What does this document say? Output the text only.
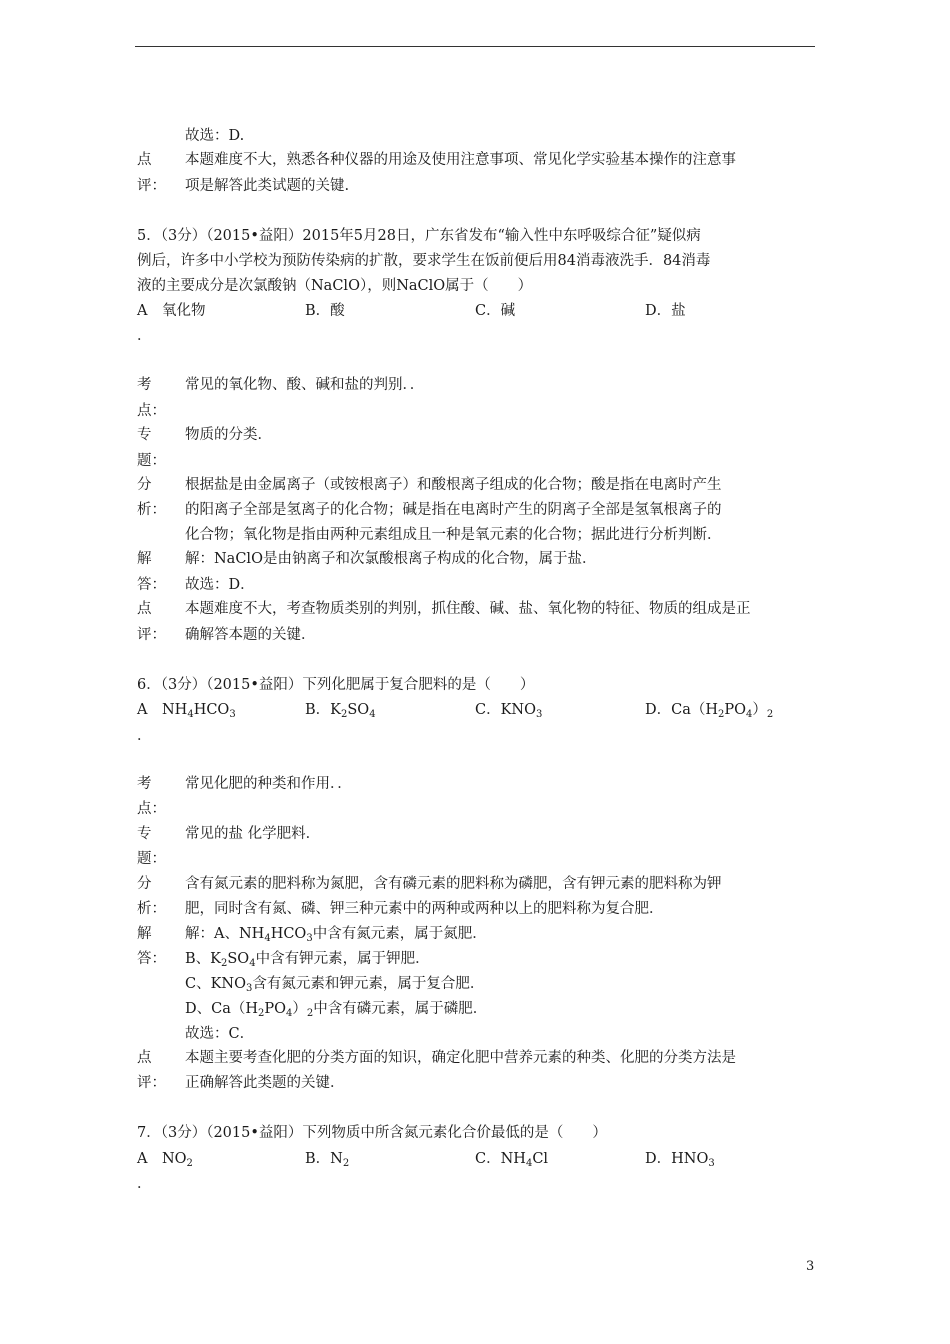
故选：D.
点
评：
本题难度不大，熟悉各种仪器的用途及使用注意事项、常见化学实验基本操作的注意事
项是解答此类试题的关键.
5．（3分）（2015•益阳）2015年5月28日，广东省发布“输入性中东呼吸综合征”疑似病
例后，许多中小学校为预防传染病的扩散，要求学生在饭前便后用84消毒液洗手．84消毒
液的主要成分是次氯酸钠（NaClO），则NaClO属于（　　）
A　氧化物	B．酸	C．碱	D．盐
．
考
点：
常见的氧化物、酸、碱和盐的判别．．
专
题：
物质的分类．
分
析：
根据盐是由金属离子（或铵根离子）和酸根离子组成的化合物；酸是指在电离时产生
的阳离子全部是氢离子的化合物；碱是指在电离时产生的阴离子全部是氢氧根离子的
化合物；氧化物是指由两种元素组成且一种是氧元素的化合物；据此进行分析判断．
解
答：
解：NaClO是由钠离子和次氯酸根离子构成的化合物，属于盐．
故选：D．
点
评：
本题难度不大，考查物质类别的判别，抓住酸、碱、盐、氧化物的特征、物质的组成是正
确解答本题的关键．
6．（3分）（2015•益阳）下列化肥属于复合肥料的是（　　）
A　$NH_4HCO_3$	B．$K_2SO_4$	C．$KNO_3$	D．$Ca(H_2PO_4)_2$
．
考
点：
常见化肥的种类和作用．．
专
题：
常见的盐 化学肥料．
分
析：
含有氮元素的肥料称为氮肥，含有磷元素的肥料称为磷肥，含有钾元素的肥料称为钾
肥，同时含有氮、磷、钾三种元素中的两种或两种以上的肥料称为复合肥．
解
答：
解：A、$NH_4HCO_3$中含有氮元素，属于氮肥．
B、$K_2SO_4$中含有钾元素，属于钾肥．
C、$KNO_3$含有氮元素和钾元素，属于复合肥．
D、$Ca(H_2PO_4)_2$中含有磷元素，属于磷肥．
故选：C．
点
评：
本题主要考查化肥的分类方面的知识，确定化肥中营养元素的种类、化肥的分类方法是
正确解答此类题的关键．
7．（3分）（2015•益阳）下列物质中所含氮元素化合价最低的是（　　）
A　$NO_2$	B．$N_2$	C．$NH_4Cl$	D．$HNO_3$
．
3
